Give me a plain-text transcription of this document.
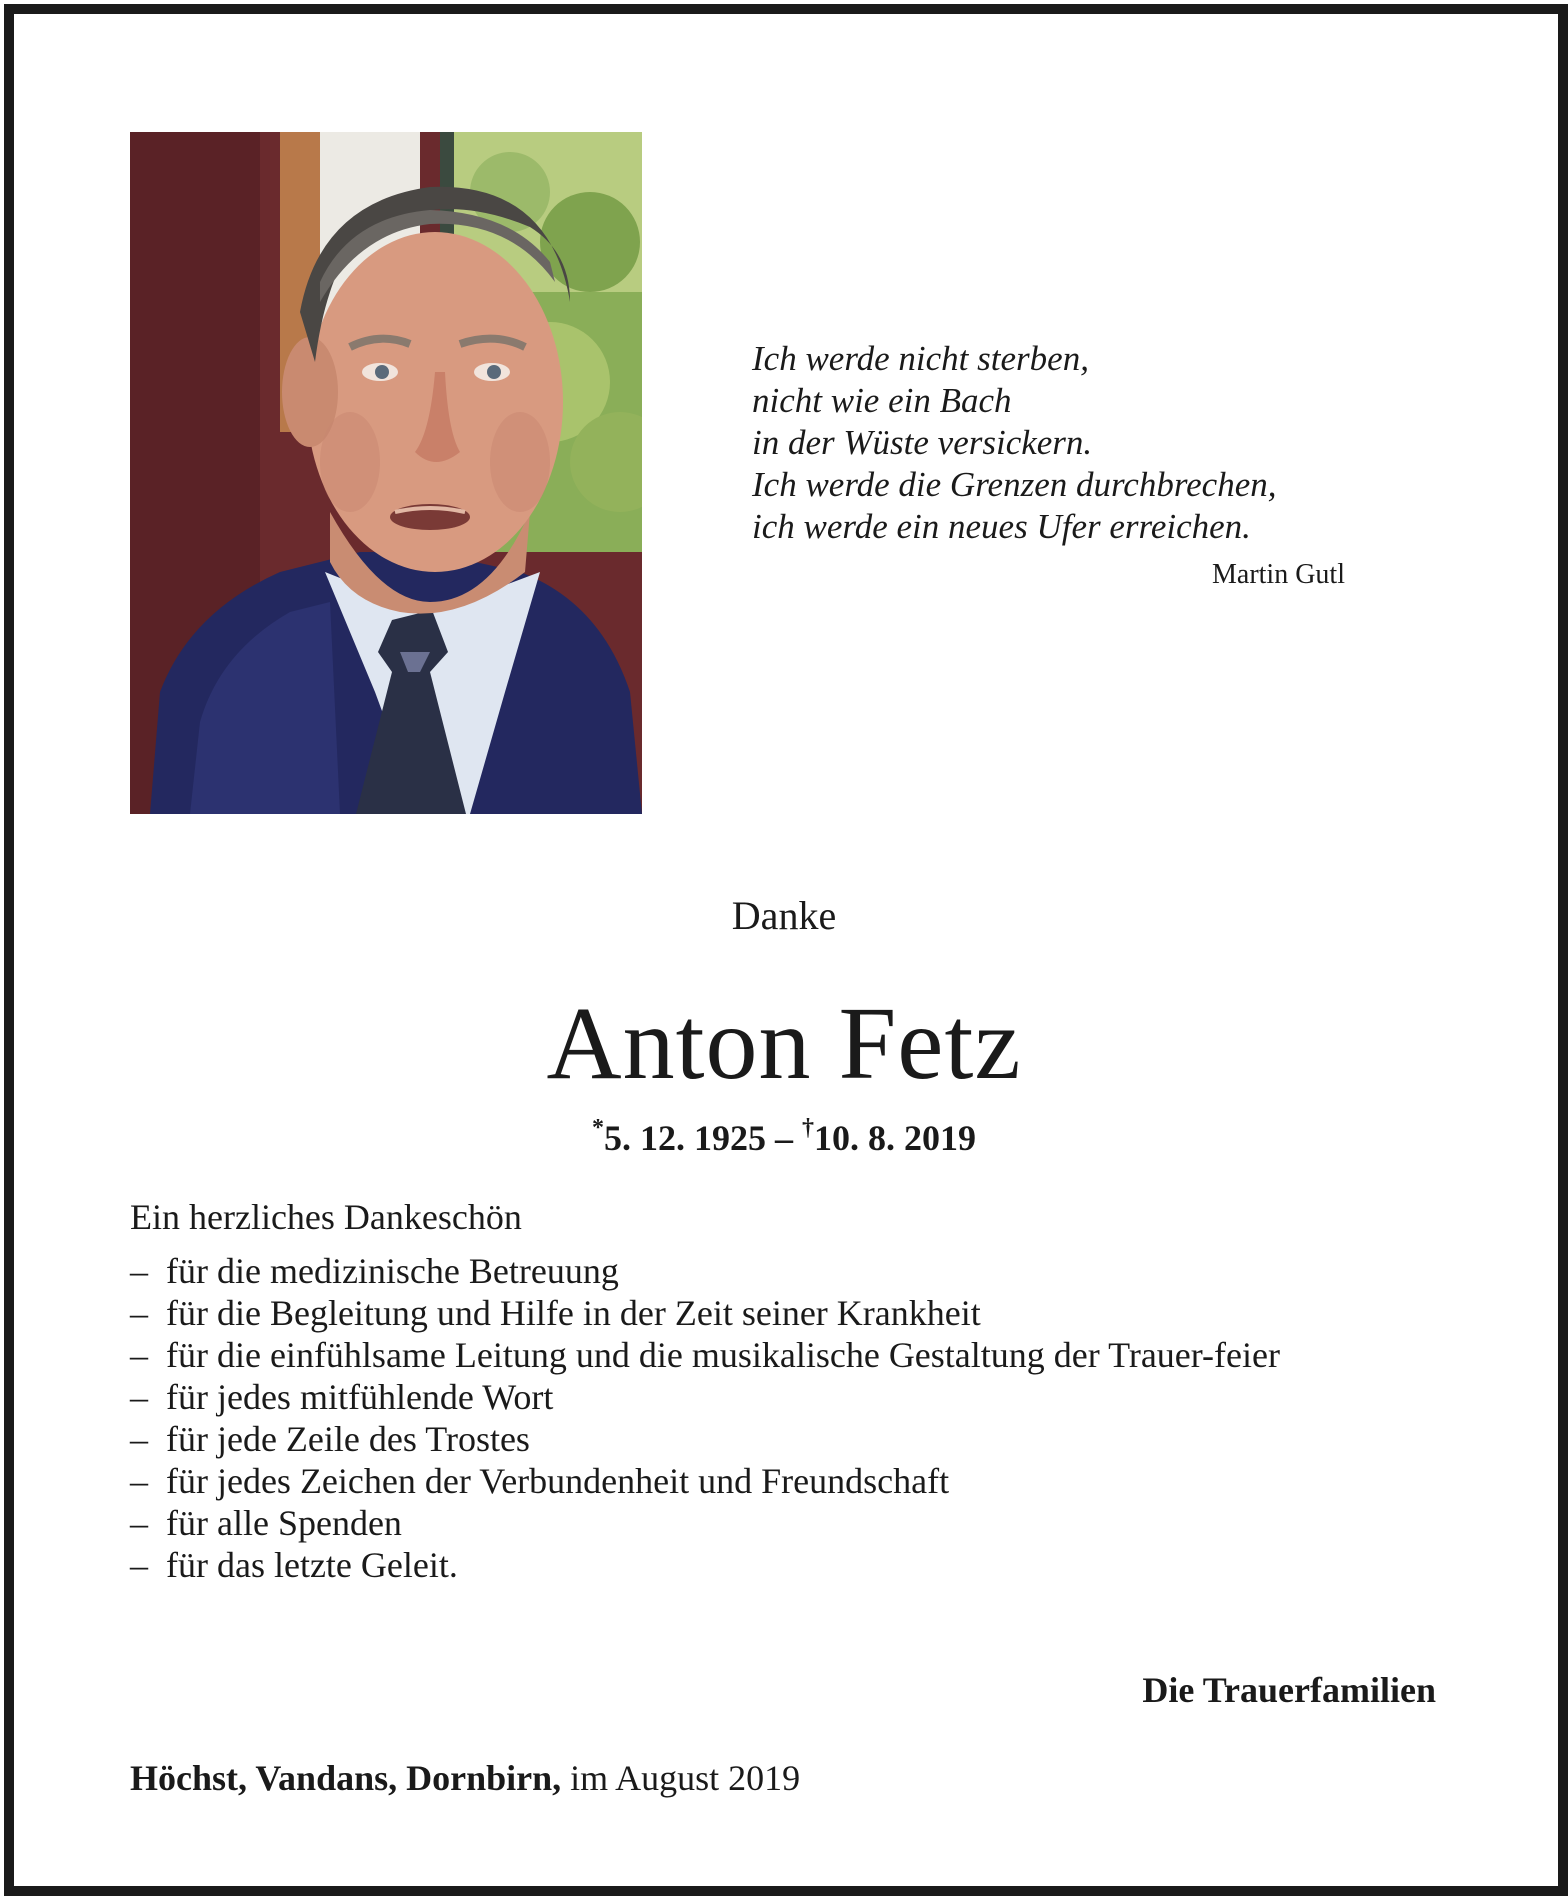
Ich werde nicht sterben,
nicht wie ein Bach
in der Wüste versickern.
Ich werde die Grenzen durchbrechen,
ich werde ein neues Ufer erreichen.
Martin Gutl
Danke
Anton Fetz
*5. 12. 1925 – †10. 8. 2019
Ein herzliches Dankeschön
– für die medizinische Betreuung
– für die Begleitung und Hilfe in der Zeit seiner Krankheit
– für die einfühlsame Leitung und die musikalische Gestaltung der Trauer-feier
– für jedes mitfühlende Wort
– für jede Zeile des Trostes
– für jedes Zeichen der Verbundenheit und Freundschaft
– für alle Spenden
– für das letzte Geleit.
Die Trauerfamilien
Höchst, Vandans, Dornbirn, im August 2019
